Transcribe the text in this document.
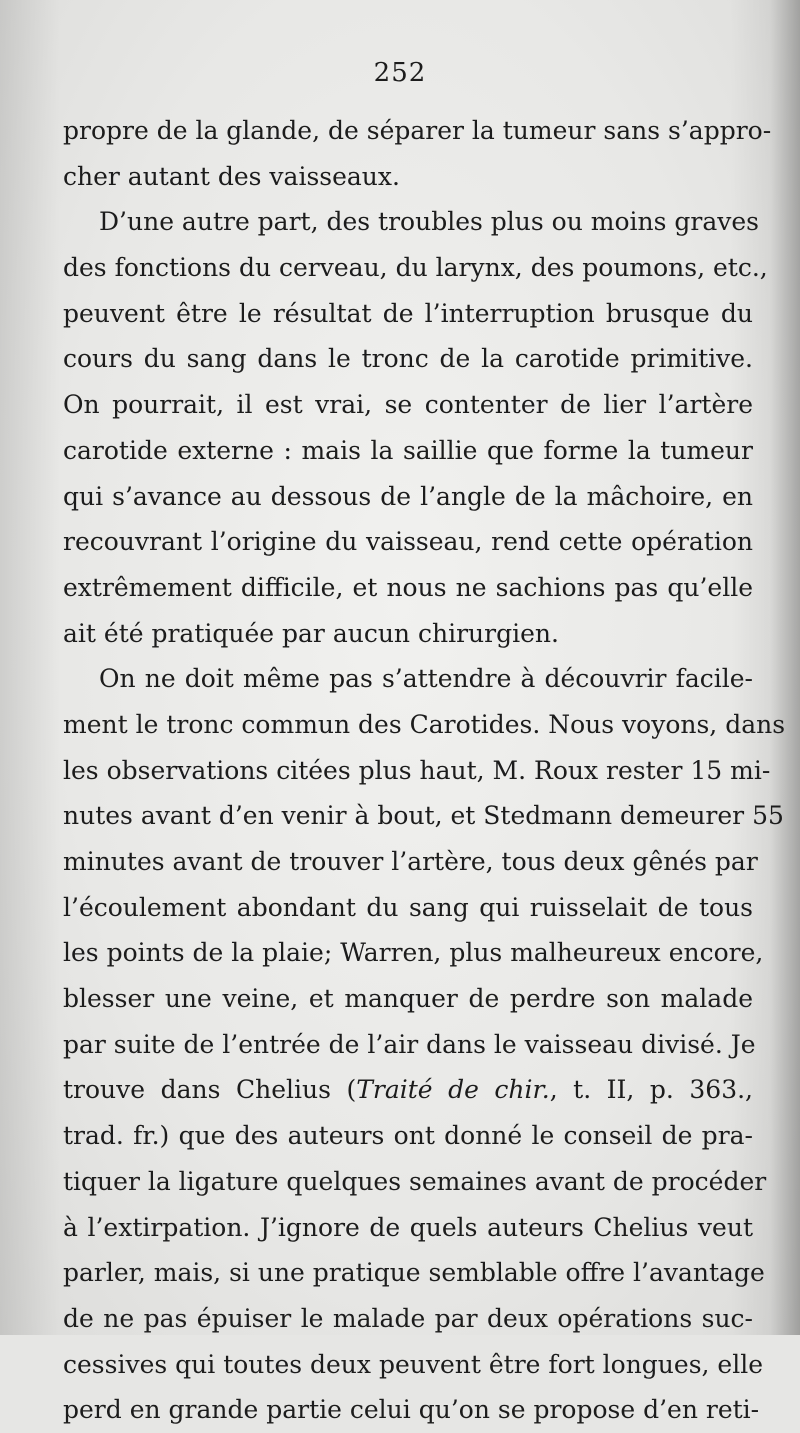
252
propre de la glande, de séparer la tumeur sans s’appro-
cher autant des vaisseaux.
D’une autre part, des troubles plus ou moins graves
des fonctions du cerveau, du larynx, des poumons, etc.,
peuvent être le résultat de l’interruption brusque du
cours du sang dans le tronc de la carotide primitive.
On pourrait, il est vrai, se contenter de lier l’artère
carotide externe : mais la saillie que forme la tumeur
qui s’avance au dessous de l’angle de la mâchoire, en
recouvrant l’origine du vaisseau, rend cette opération
extrêmement difficile, et nous ne sachions pas qu’elle
ait été pratiquée par aucun chirurgien.
On ne doit même pas s’attendre à découvrir facile-
ment le tronc commun des Carotides. Nous voyons, dans
les observations citées plus haut, M. Roux rester 15 mi-
nutes avant d’en venir à bout, et Stedmann demeurer 55
minutes avant de trouver l’artère, tous deux gênés par
l’écoulement abondant du sang qui ruisselait de tous
les points de la plaie; Warren, plus malheureux encore,
blesser une veine, et manquer de perdre son malade
par suite de l’entrée de l’air dans le vaisseau divisé. Je
trouve dans Chelius (Traité de chir., t. II, p. 363.,
trad. fr.) que des auteurs ont donné le conseil de pra-
tiquer la ligature quelques semaines avant de procéder
à l’extirpation. J’ignore de quels auteurs Chelius veut
parler, mais, si une pratique semblable offre l’avantage
de ne pas épuiser le malade par deux opérations suc-
cessives qui toutes deux peuvent être fort longues, elle
perd en grande partie celui qu’on se propose d’en reti-
